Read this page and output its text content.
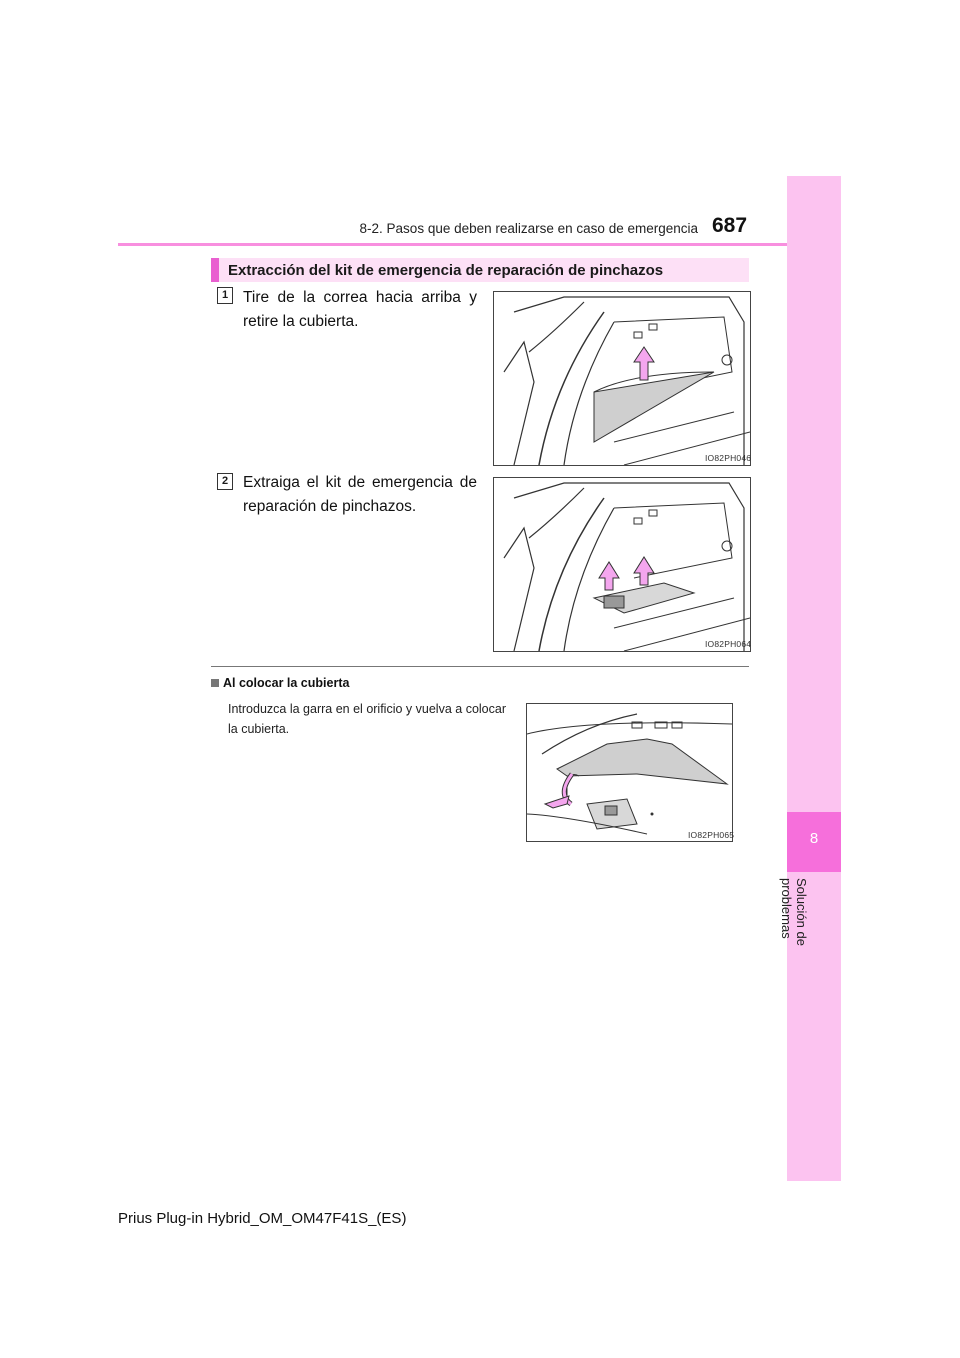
8
Solución de problemas
8-2. Pasos que deben realizarse en caso de emergencia 687
Extracción del kit de emergencia de reparación de pinchazos
1 Tire de la correa hacia arriba y retire la cubierta.
IO82PH046
2 Extraiga el kit de emergencia de reparación de pinchazos.
IO82PH064
Al colocar la cubierta
Introduzca la garra en el orificio y vuelva a colocar la cubierta.
IO82PH065
Prius Plug-in Hybrid_OM_OM47F41S_(ES)
